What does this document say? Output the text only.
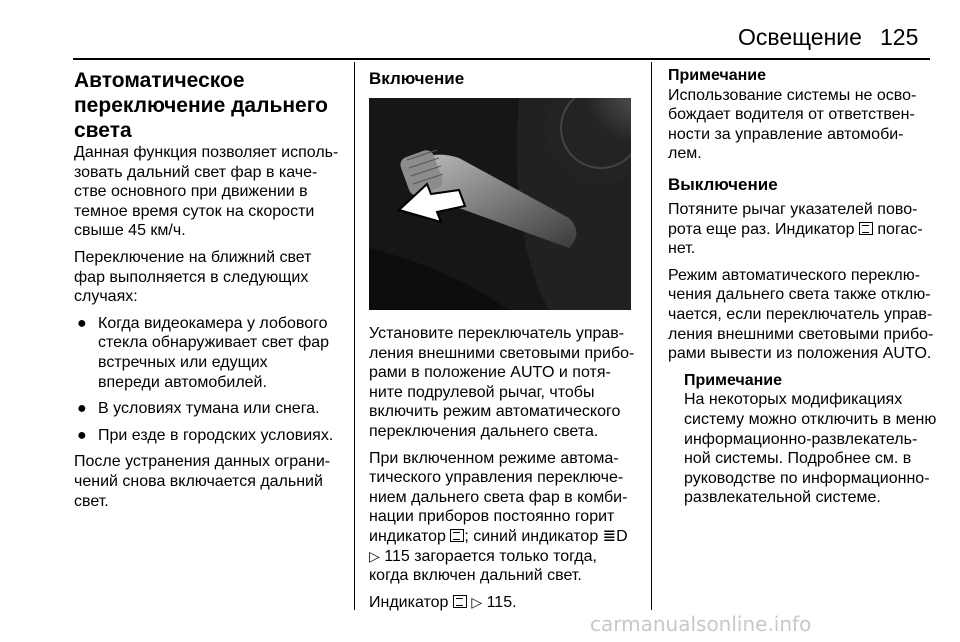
Освещение 125
Автоматическое
переключение дальнего
света

Данная функция позволяет исполь-
зовать дальний свет фар в каче-
стве основного при движении в
темное время суток на скорости
свыше 45 км/ч.

Переключение на ближний свет
фар выполняется в следующих
случаях:

● Когда видеокамера у лобового
стекла обнаруживает свет фар
встречных или едущих
впереди автомобилей.
● В условиях тумана или снега.
● При езде в городских условиях.

После устранения данных ограни-
чений снова включается дальний
свет.

Включение

Установите переключатель управ-
ления внешними световыми прибо-
рами в положение AUTO и потя-
ните подрулевой рычаг, чтобы
включить режим автоматического
переключения дальнего света.

При включенном режиме автома-
тического управления переключе-
нием дальнего света фар в комби-
нации приборов постоянно горит
индикатор ; синий индикатор ≣D
▷ 115 загорается только тогда,
когда включен дальний свет.

Индикатор ▷ 115.

Примечание

Использование системы не осво-
бождает водителя от ответствен-
ности за управление автомоби-
лем.

Выключение

Потяните рычаг указателей пово-
рота еще раз. Индикатор погас-
нет.

Режим автоматического переклю-
чения дальнего света также отклю-
чается, если переключатель управ-
ления внешними световыми прибо-
рами вывести из положения AUTO.

Примечание

На некоторых модификациях
систему можно отключить в меню
информационно-развлекатель-
ной системы. Подробнее см. в
руководстве по информационно-
развлекательной системе.

carmanualsonline.info
